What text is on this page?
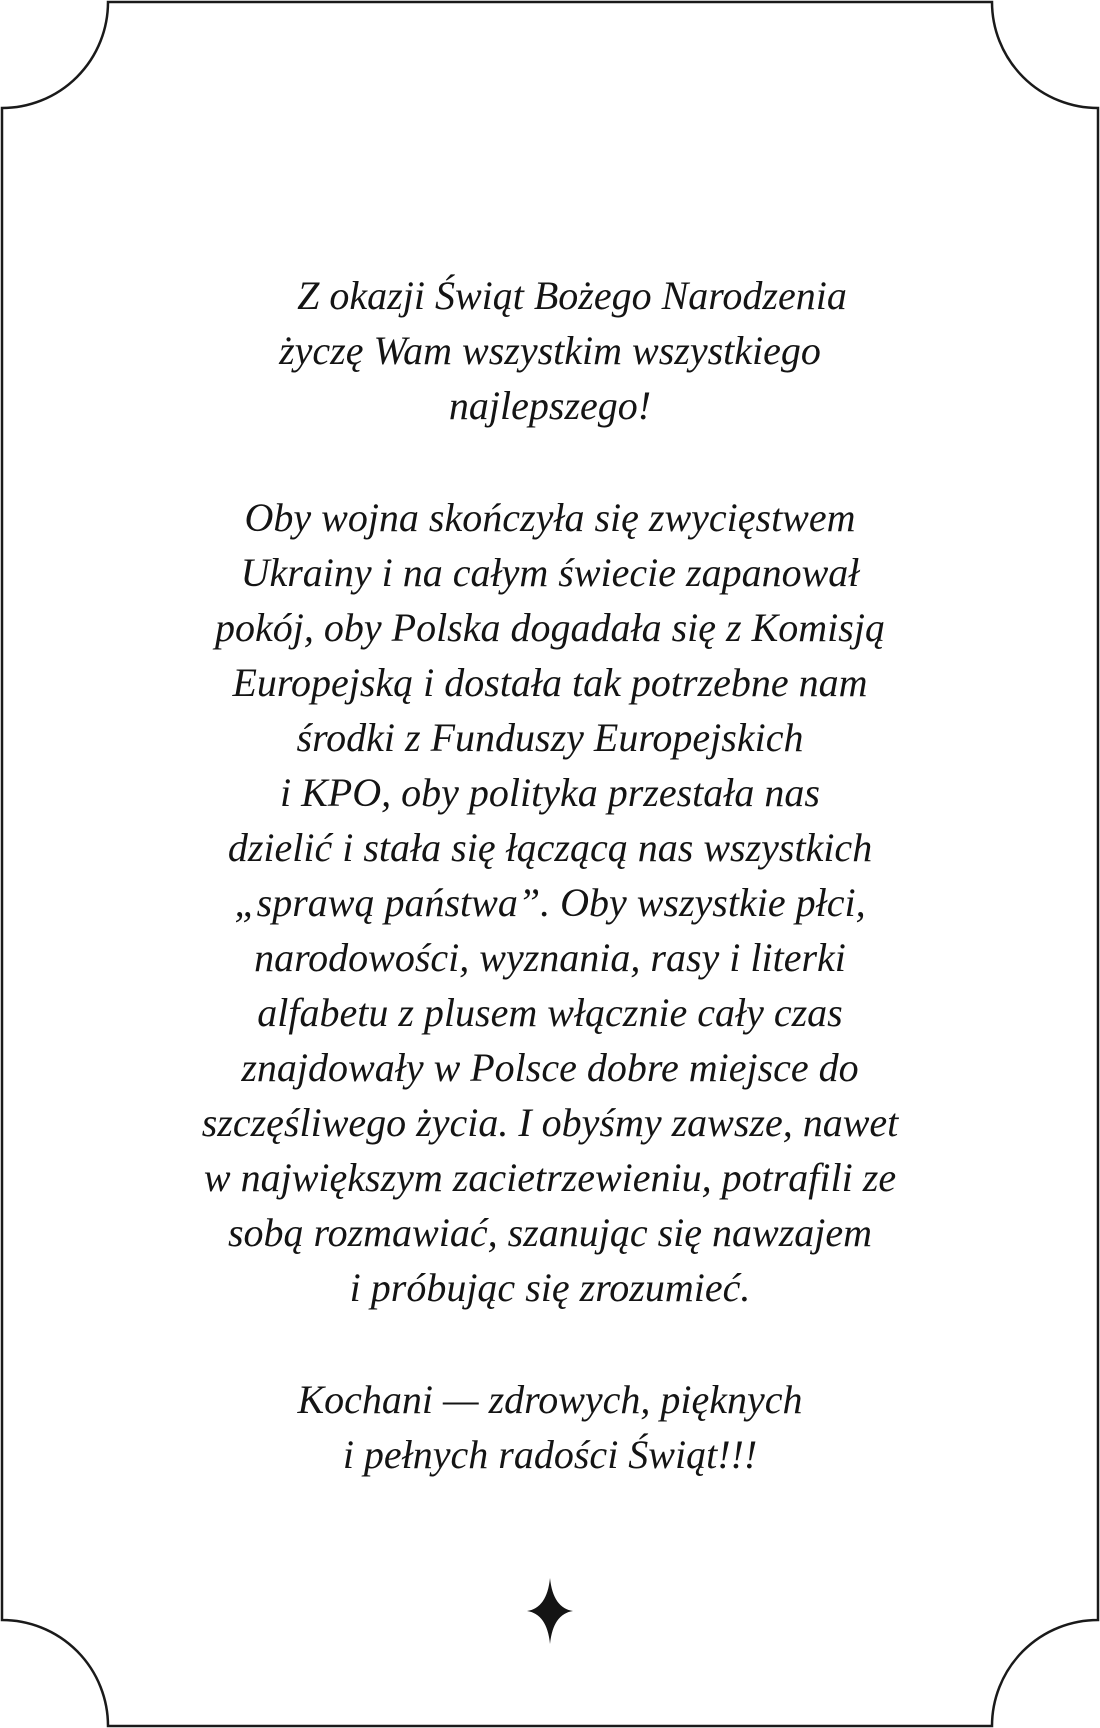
Z okazji Świąt Bożego Narodzenia
życzę Wam wszystkim wszystkiego
najlepszego!
Oby wojna skończyła się zwycięstwem
Ukrainy i na całym świecie zapanował
pokój, oby Polska dogadała się z Komisją
Europejską i dostała tak potrzebne nam
środki z Funduszy Europejskich
i KPO, oby polityka przestała nas
dzielić i stała się łączącą nas wszystkich
„sprawą państwa”. Oby wszystkie płci,
narodowości, wyznania, rasy i literki
alfabetu z plusem włącznie cały czas
znajdowały w Polsce dobre miejsce do
szczęśliwego życia. I obyśmy zawsze, nawet
w największym zacietrzewieniu, potrafili ze
sobą rozmawiać, szanując się nawzajem
i próbując się zrozumieć.
Kochani — zdrowych, pięknych
i pełnych radości Świąt!!!
